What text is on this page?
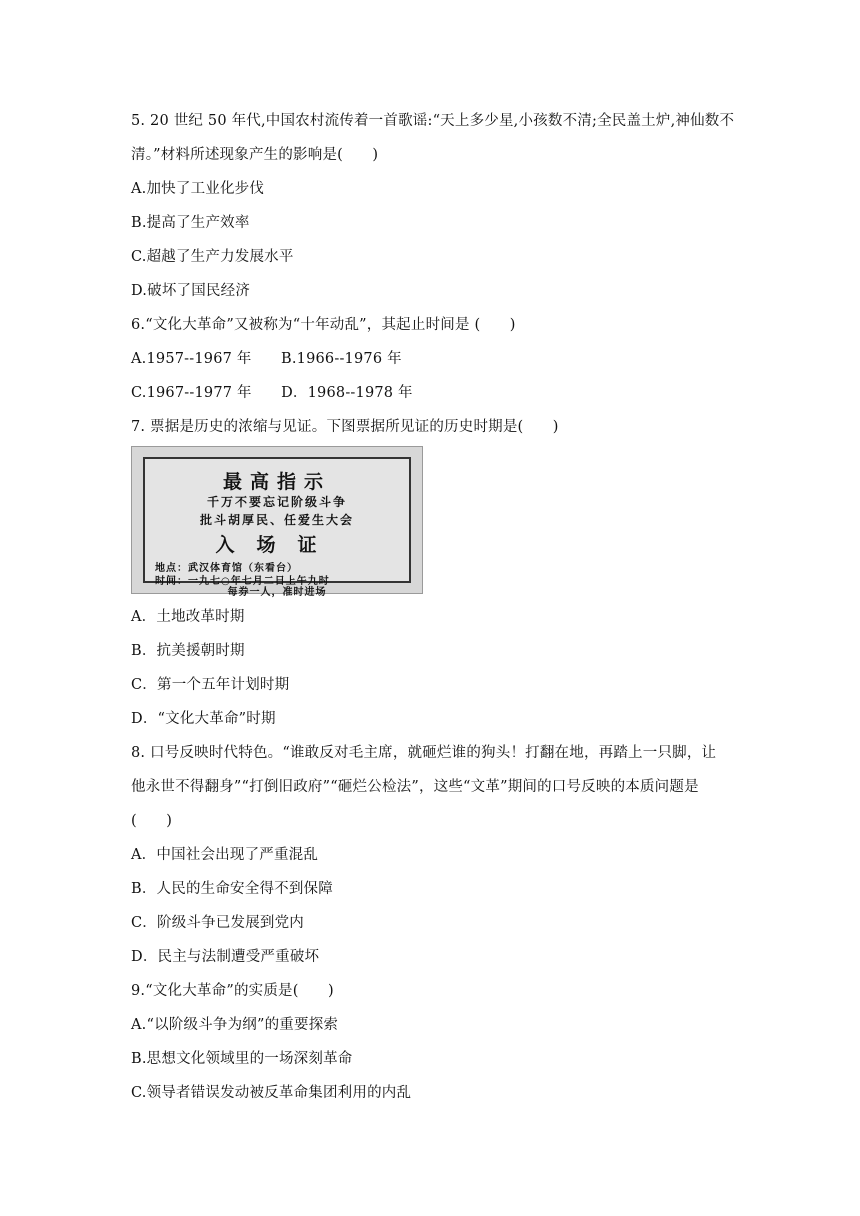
5. 20 世纪 50 年代,中国农村流传着一首歌谣:“天上多少星,小孩数不清;全民盖土炉,神仙数不
清。”材料所述现象产生的影响是(　　)
A.加快了工业化步伐
B.提高了生产效率
C.超越了生产力发展水平
D.破坏了国民经济
6.“文化大革命”又被称为“十年动乱”，其起止时间是 (　　)
A.1957--1967 年　　B.1966--1976 年
C.1967--1977 年　　D．1968--1978 年
7. 票据是历史的浓缩与见证。下图票据所见证的历史时期是(　　)
最高指示
千万不要忘记阶级斗争
批斗胡厚民、任爱生大会
入场证
地点：武汉体育馆（东看台）
时间：一九七○年七月二日上午九时
每券一人，准时进场
A．土地改革时期
B．抗美援朝时期
C．第一个五年计划时期
D．“文化大革命”时期
8. 口号反映时代特色。“谁敢反对毛主席，就砸烂谁的狗头！打翻在地，再踏上一只脚，让
他永世不得翻身”“打倒旧政府”“砸烂公检法”，这些“文革”期间的口号反映的本质问题是
(　　)
A．中国社会出现了严重混乱
B．人民的生命安全得不到保障
C．阶级斗争已发展到党内
D．民主与法制遭受严重破坏
9.“文化大革命”的实质是(　　)
A.“以阶级斗争为纲”的重要探索
B.思想文化领域里的一场深刻革命
C.领导者错误发动被反革命集团利用的内乱
